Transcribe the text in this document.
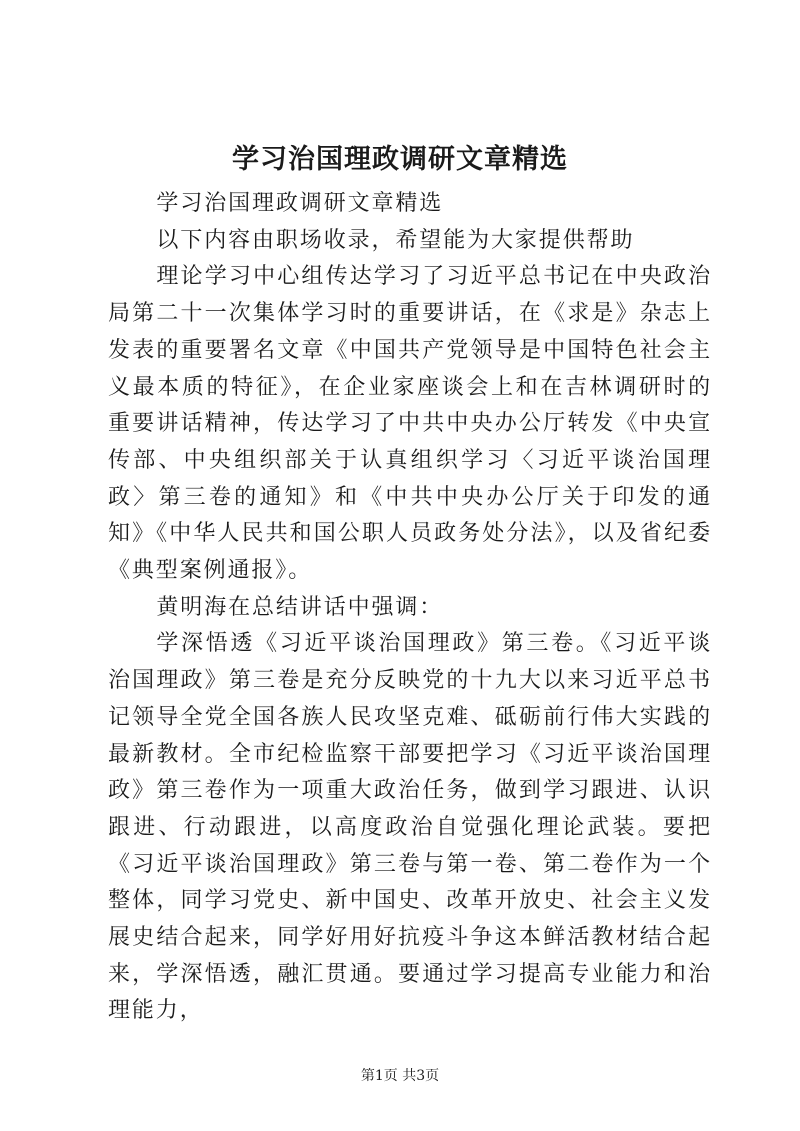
学习治国理政调研文章精选

学习治国理政调研文章精选

以下内容由职场收录，希望能为大家提供帮助

理论学习中心组传达学习了习近平总书记在中央政治局第二十一次集体学习时的重要讲话，在《求是》杂志上发表的重要署名文章《中国共产党领导是中国特色社会主义最本质的特征》，在企业家座谈会上和在吉林调研时的重要讲话精神，传达学习了中共中央办公厅转发《中央宣传部、中央组织部关于认真组织学习〈习近平谈治国理政〉第三卷的通知》和《中共中央办公厅关于印发的通知》《中华人民共和国公职人员政务处分法》，以及省纪委《典型案例通报》。

黄明海在总结讲话中强调：

学深悟透《习近平谈治国理政》第三卷。《习近平谈治国理政》第三卷是充分反映党的十九大以来习近平总书记领导全党全国各族人民攻坚克难、砥砺前行伟大实践的最新教材。全市纪检监察干部要把学习《习近平谈治国理政》第三卷作为一项重大政治任务，做到学习跟进、认识跟进、行动跟进，以高度政治自觉强化理论武装。要把《习近平谈治国理政》第三卷与第一卷、第二卷作为一个整体，同学习党史、新中国史、改革开放史、社会主义发展史结合起来，同学好用好抗疫斗争这本鲜活教材结合起来，学深悟透，融汇贯通。要通过学习提高专业能力和治理能力，

第1页 共3页
